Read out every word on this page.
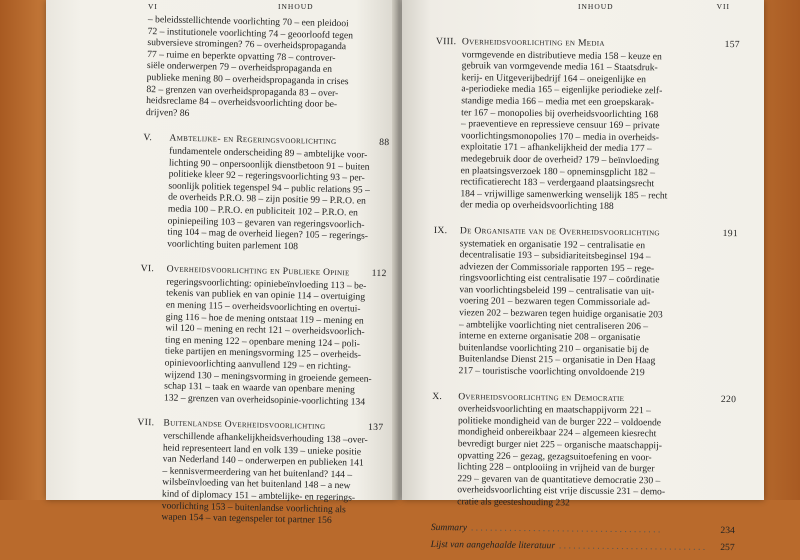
VI	INHOUD
– beleidsstellichtende voorlichting 70 – een pleidooi
72 – institutionele voorlichting 74 – geoorloofd tegen
subversieve stromingen? 76 – overheidspropaganda
77 – ruime en beperkte opvatting 78 – controver-
siële onderwerpen 79 – overheidspropaganda en
publieke mening 80 – overheidspropaganda in crises
82 – grenzen van overheidspropaganda 83 – over-
heidsreclame 84 – overheidsvoorlichting door be-
drijven? 86
V.	Ambtelijke- en Regeringsvoorlichting	88
fundamentele onderscheiding 89 – ambtelijke voor-
lichting 90 – onpersoonlijk dienstbetoon 91 – buiten
politieke kleer 92 – regeringsvoorlichting 93 – per-
soonlijk politiek tegenspel 94 – public relations 95 –
de overheids P.R.O. 98 – zijn positie 99 – P.R.O. en
media 100 – P.R.O. en publiciteit 102 – P.R.O. en
opiniepeiling 103 – gevaren van regeringsvoorlich-
ting 104 – mag de overheid liegen? 105 – regerings-
voorlichting buiten parlement 108
VI.	Overheidsvoorlichting en Publieke Opinie	112
regeringsvoorlichting: opiniebeïnvloeding 113 – be-
tekenis van publiek en van opinie 114 – overtuiging
en mening 115 – overheidsvoorlichting en overtui-
ging 116 – hoe de mening ontstaat 119 – mening en
wil 120 – mening en recht 121 – overheidsvoorlich-
ting en mening 122 – openbare mening 124 – poli-
tieke partijen en meningsvorming 125 – overheids-
opinievoorlichting aanvullend 129 – en richting-
wijzend 130 – meningsvorming in groeiende gemeen-
schap 131 – taak en waarde van openbare mening
132 – grenzen van overheidsopinie-voorlichting 134
VII. Buitenlandse Overheidsvoorlichting	137
verschillende afhankelijkheidsverhouding 138 –over-
heid representeert land en volk 139 – unieke positie
van Nederland 140 – onderwerpen en publieken 141
– kennisvermeerdering van het buitenland? 144 –
wilsbeïnvloeding van het buitenland 148 – a new
kind of diplomacy 151 – ambtelijke- en regerings-
voorlichting 153 – buitenlandse voorlichting als
wapen 154 – van tegenspeler tot partner 156
INHOUD	VII
VIII. Overheidsvoorlichting en Media	157
vormgevende en distributieve media 158 – keuze en
gebruik van vormgevende media 161 – Staatsdruk-
kerij- en Uitgeverijbedrijf 164 – oneigenlijke en
a-periodieke media 165 – eigenlijke periodieke zelf-
standige media 166 – media met een groepskarak-
ter 167 – monopolies bij overheidsvoorlichting 168
– praeventieve en repressieve censuur 169 – private
voorlichtingsmonopolies 170 – media in overheids-
exploitatie 171 – afhankelijkheid der media 177 –
medegebruik door de overheid? 179 – beïnvloeding
en plaatsingsverzoek 180 – opneminsgplicht 182 –
rectificatierecht 183 – verdergaand plaatsingsrecht
184 – vrijwillige samenwerking wenselijk 185 – recht
der media op overheidsvoorlichting 188
IX.	De Organisatie van de Overheidsvoorlichting	191
systematiek en organisatie 192 – centralisatie en
decentralisatie 193 – subsidiariteitsbeginsel 194 –
adviezen der Commissoriale rapporten 195 – rege-
ringsvoorlichting eist centralisatie 197 – coördinatie
van voorlichtingsbeleid 199 – centralisatie van uit-
voering 201 – bezwaren tegen Commissoriale ad-
viezen 202 – bezwaren tegen huidige organisatie 203
– ambtelijke voorlichting niet centraliseren 206 –
interne en externe organisatie 208 – organisatie
buitenlandse voorlichting 210 – organisatie bij de
Buitenlandse Dienst 215 – organisatie in Den Haag
217 – touristische voorlichting onvoldoende 219
X.	Overheidsvoorlichting en Democratie	220
overheidsvoorlichting en maatschappijvorm 221 –
politieke mondigheid van de burger 222 – voldoende
mondigheid onbereikbaar 224 – algemeen kiesrecht
bevredigt burger niet 225 – organische maatschappij-
opvatting 226 – gezag, gezagsuitoefening en voor-
lichting 228 – ontplooiing in vrijheid van de burger
229 – gevaren van de quantitatieve democratie 230 –
overheidsvoorlichting eist vrije discussie 231 – demo-
cratie als geesteshouding 232
Summary . . . . . . . . . . . . . . . . . . . . . . . . . . . . . . . . . . . . . . . .	234
Lijst van aangehaalde literatuur . . . . . . . . . . . . . . . . . . . . . . . . . . . . . . .	257
